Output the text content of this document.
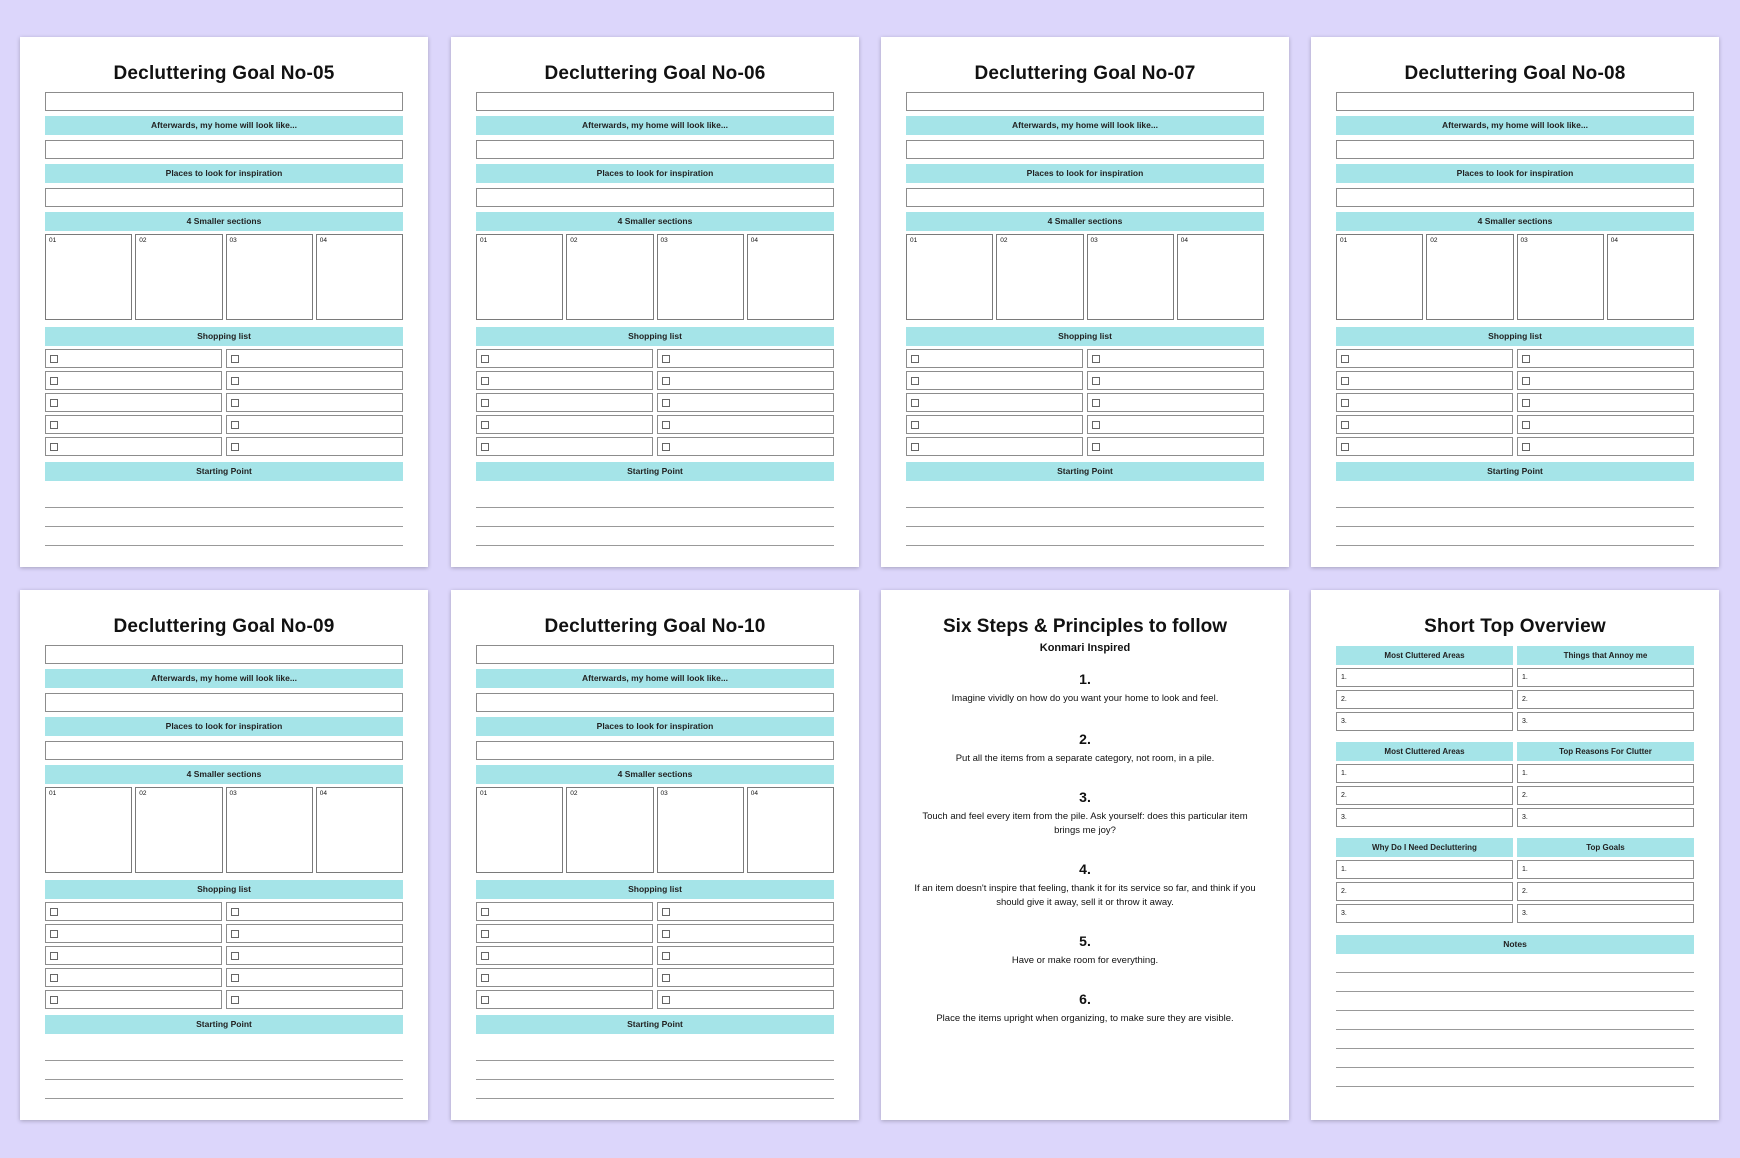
Decluttering Goal No-05
Afterwards, my home will look like...
Places to look for inspiration
4 Smaller sections
01	02	03	04
Shopping list
Starting Point
Decluttering Goal No-06
Afterwards, my home will look like...
Places to look for inspiration
4 Smaller sections
01	02	03	04
Shopping list
Starting Point
Decluttering Goal No-07
Afterwards, my home will look like...
Places to look for inspiration
4 Smaller sections
01	02	03	04
Shopping list
Starting Point
Decluttering Goal No-08
Afterwards, my home will look like...
Places to look for inspiration
4 Smaller sections
01	02	03	04
Shopping list
Starting Point
Decluttering Goal No-09
Afterwards, my home will look like...
Places to look for inspiration
4 Smaller sections
01	02	03	04
Shopping list
Starting Point
Decluttering Goal No-10
Afterwards, my home will look like...
Places to look for inspiration
4 Smaller sections
01	02	03	04
Shopping list
Starting Point
Six Steps & Principles to follow
Konmari Inspired
1.
Imagine vividly on how do you want your home to look and feel.
2.
Put all the items from a separate category, not room, in a pile.
3.
Touch and feel every item from the pile. Ask yourself: does this particular item brings me joy?
4.
If an item doesn't inspire that feeling, thank it for its service so far, and think if you should give it away, sell it or throw it away.
5.
Have or make room for everything.
6.
Place the items upright when organizing, to make sure they are visible.
Short Top Overview
Most Cluttered Areas
1.
2.
3.
Things that Annoy me
1.
2.
3.
Most Cluttered Areas
1.
2.
3.
Top Reasons For Clutter
1.
2.
3.
Why Do I Need Decluttering
1.
2.
3.
Top Goals
1.
2.
3.
Notes
